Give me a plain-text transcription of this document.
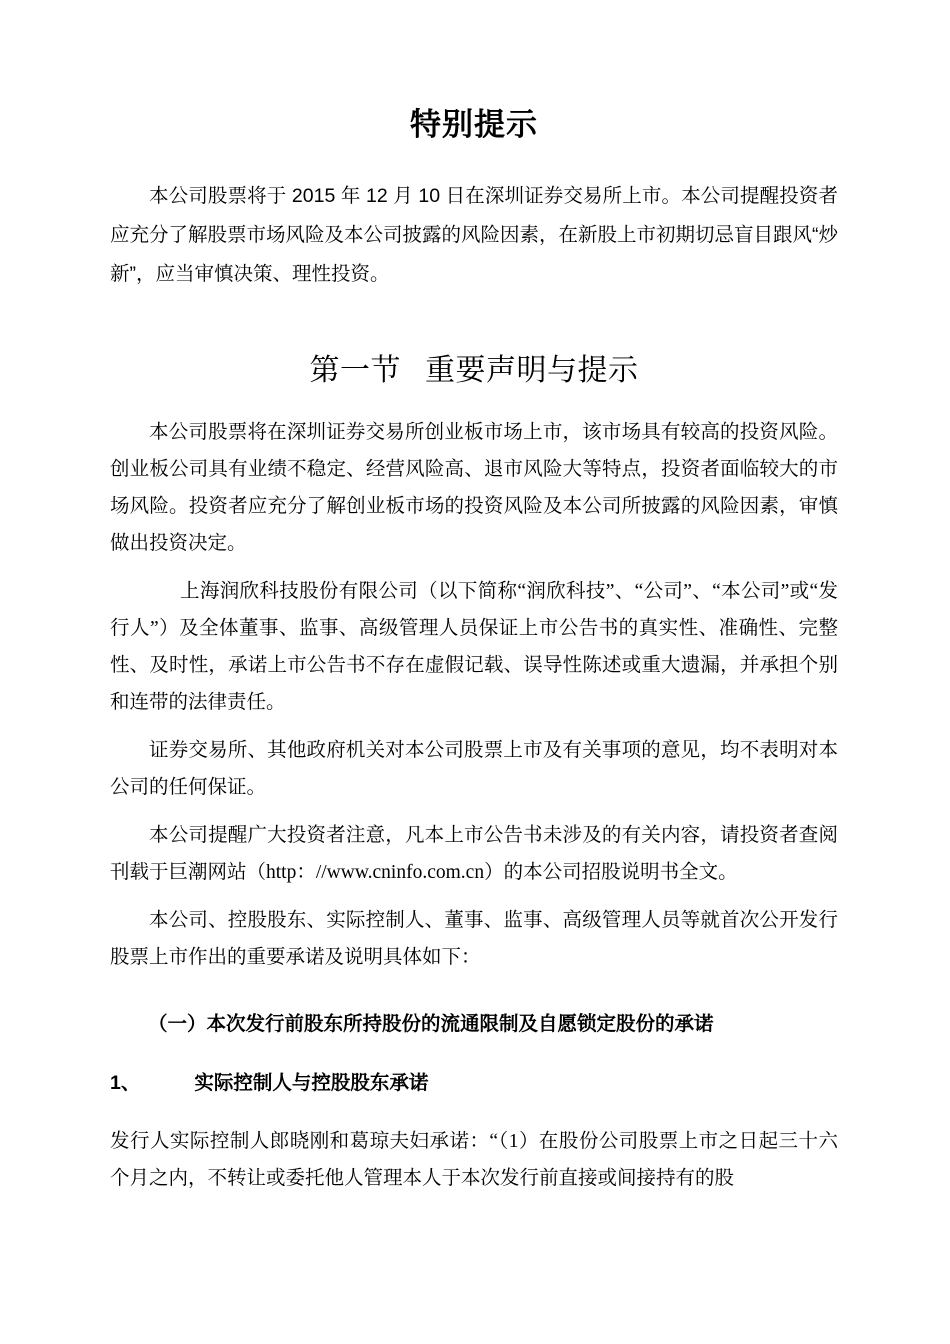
特别提示

本公司股票将于 2015 年 12 月 10 日在深圳证券交易所上市。本公司提醒投资者应充分了解股票市场风险及本公司披露的风险因素，在新股上市初期切忌盲目跟风“炒新”，应当审慎决策、理性投资。

第一节 重要声明与提示

本公司股票将在深圳证券交易所创业板市场上市，该市场具有较高的投资风险。创业板公司具有业绩不稳定、经营风险高、退市风险大等特点，投资者面临较大的市场风险。投资者应充分了解创业板市场的投资风险及本公司所披露的风险因素，审慎做出投资决定。

上海润欣科技股份有限公司（以下简称“润欣科技”、“公司”、“本公司”或“发行人”）及全体董事、监事、高级管理人员保证上市公告书的真实性、准确性、完整性、及时性，承诺上市公告书不存在虚假记载、误导性陈述或重大遗漏，并承担个别和连带的法律责任。

证券交易所、其他政府机关对本公司股票上市及有关事项的意见，均不表明对本公司的任何保证。

本公司提醒广大投资者注意，凡本上市公告书未涉及的有关内容，请投资者查阅刊载于巨潮网站（http：//www.cninfo.com.cn）的本公司招股说明书全文。

本公司、控股股东、实际控制人、董事、监事、高级管理人员等就首次公开发行股票上市作出的重要承诺及说明具体如下：

（一）本次发行前股东所持股份的流通限制及自愿锁定股份的承诺
1、	实际控制人与控股股东承诺

发行人实际控制人郎晓刚和葛琼夫妇承诺：“（1）在股份公司股票上市之日起三十六个月之内，不转让或委托他人管理本人于本次发行前直接或间接持有的股
